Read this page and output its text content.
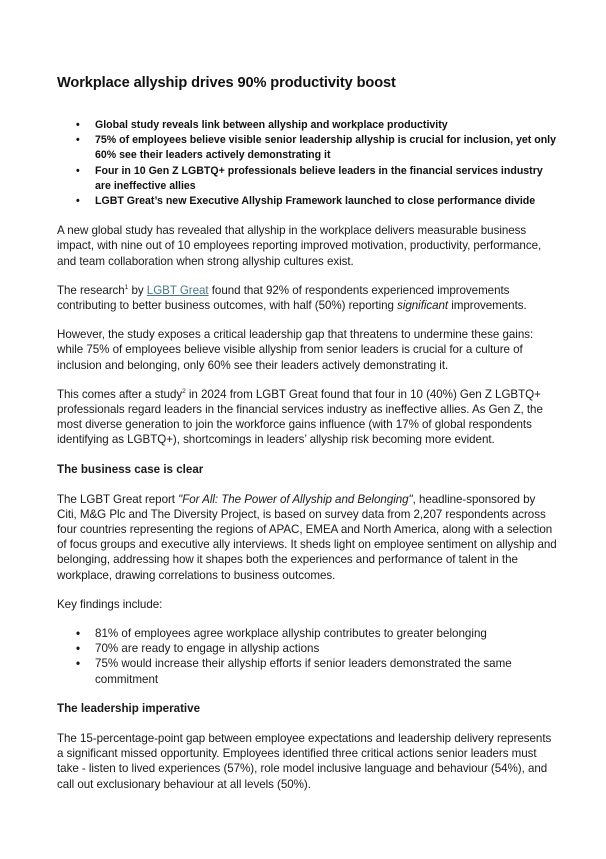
Workplace allyship drives 90% productivity boost
• Global study reveals link between allyship and workplace productivity
• 75% of employees believe visible senior leadership allyship is crucial for inclusion, yet only 60% see their leaders actively demonstrating it
• Four in 10 Gen Z LGBTQ+ professionals believe leaders in the financial services industry are ineffective allies
• LGBT Great’s new Executive Allyship Framework launched to close performance divide

A new global study has revealed that allyship in the workplace delivers measurable business impact, with nine out of 10 employees reporting improved motivation, productivity, performance, and team collaboration when strong allyship cultures exist.

The research$^1$ by LGBT Great found that 92% of respondents experienced improvements contributing to better business outcomes, with half (50%) reporting significant improvements.

However, the study exposes a critical leadership gap that threatens to undermine these gains: while 75% of employees believe visible allyship from senior leaders is crucial for a culture of inclusion and belonging, only 60% see their leaders actively demonstrating it.

This comes after a study$^2$ in 2024 from LGBT Great found that four in 10 (40%) Gen Z LGBTQ+ professionals regard leaders in the financial services industry as ineffective allies. As Gen Z, the most diverse generation to join the workforce gains influence (with 17% of global respondents identifying as LGBTQ+), shortcomings in leaders’ allyship risk becoming more evident.

The business case is clear

The LGBT Great report "For All: The Power of Allyship and Belonging", headline-sponsored by Citi, M&G Plc and The Diversity Project, is based on survey data from 2,207 respondents across four countries representing the regions of APAC, EMEA and North America, along with a selection of focus groups and executive ally interviews. It sheds light on employee sentiment on allyship and belonging, addressing how it shapes both the experiences and performance of talent in the workplace, drawing correlations to business outcomes.

Key findings include:

• 81% of employees agree workplace allyship contributes to greater belonging
• 70% are ready to engage in allyship actions
• 75% would increase their allyship efforts if senior leaders demonstrated the same commitment
The leadership imperative

The 15-percentage-point gap between employee expectations and leadership delivery represents a significant missed opportunity. Employees identified three critical actions senior leaders must take - listen to lived experiences (57%), role model inclusive language and behaviour (54%), and call out exclusionary behaviour at all levels (50%).
